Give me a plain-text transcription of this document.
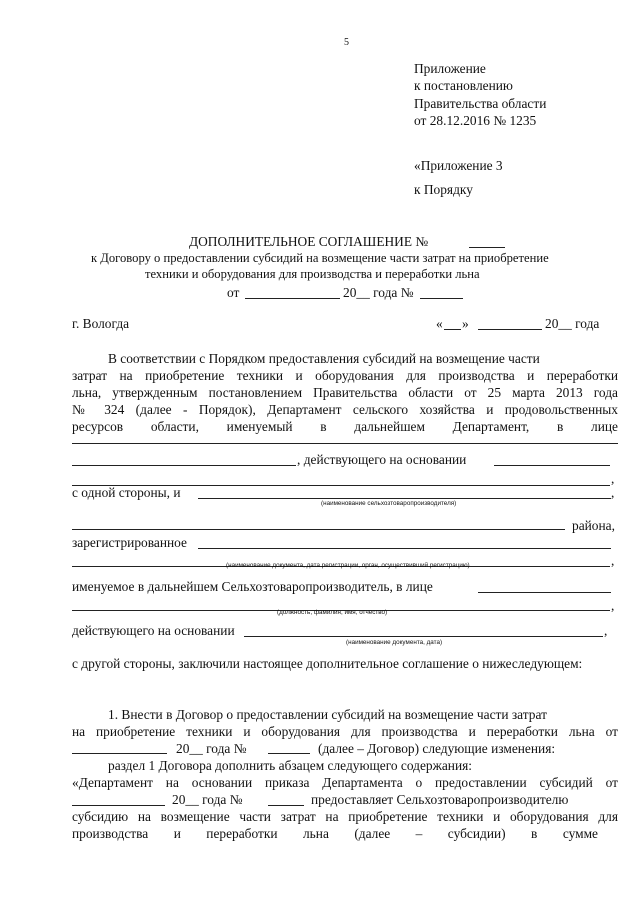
5
Приложение
к постановлению
Правительства области
от 28.12.2016 № 1235
«Приложение 3
к Порядку
ДОПОЛНИТЕЛЬНОЕ СОГЛАШЕНИЕ №
к Договору о предоставлении субсидий на возмещение части затрат на приобретение
техники и оборудования для производства и переработки льна
от	20__ года №
г. Вологда	« »	20__ года
В соответствии с Порядком предоставления субсидий на возмещение части
затрат на приобретение техники и оборудования для производства и переработки
льна, утвержденным постановлением Правительства области от 25 марта 2013 года
№ 324 (далее - Порядок), Департамент сельского хозяйства и продовольственных
ресурсов области, именуемый в дальнейшем Департамент, в лице
, действующего на основании
,
с одной стороны, и	,
(наименование сельхозтоваропроизводителя)
района,
зарегистрированное
,
(наименование документа, дата регистрации, орган, осуществивший регистрацию)
именуемое в дальнейшем Сельхозтоваропроизводитель, в лице
,
(должность, фамилия, имя, отчество)
действующего на основании	,
(наименование документа, дата)
с другой стороны, заключили настоящее дополнительное соглашение о нижеследующем:
1. Внести в Договор о предоставлении субсидий на возмещение части затрат
на приобретение техники и оборудования для производства и переработки льна от
20__ года №	(далее – Договор) следующие изменения:
раздел 1 Договора дополнить абзацем следующего содержания:
«Департамент на основании приказа Департамента о предоставлении субсидий от
20__ года №	предоставляет Сельхозтоваропроизводителю
субсидию на возмещение части затрат на приобретение техники и оборудования для
производства и переработки льна (далее – субсидии) в сумме
